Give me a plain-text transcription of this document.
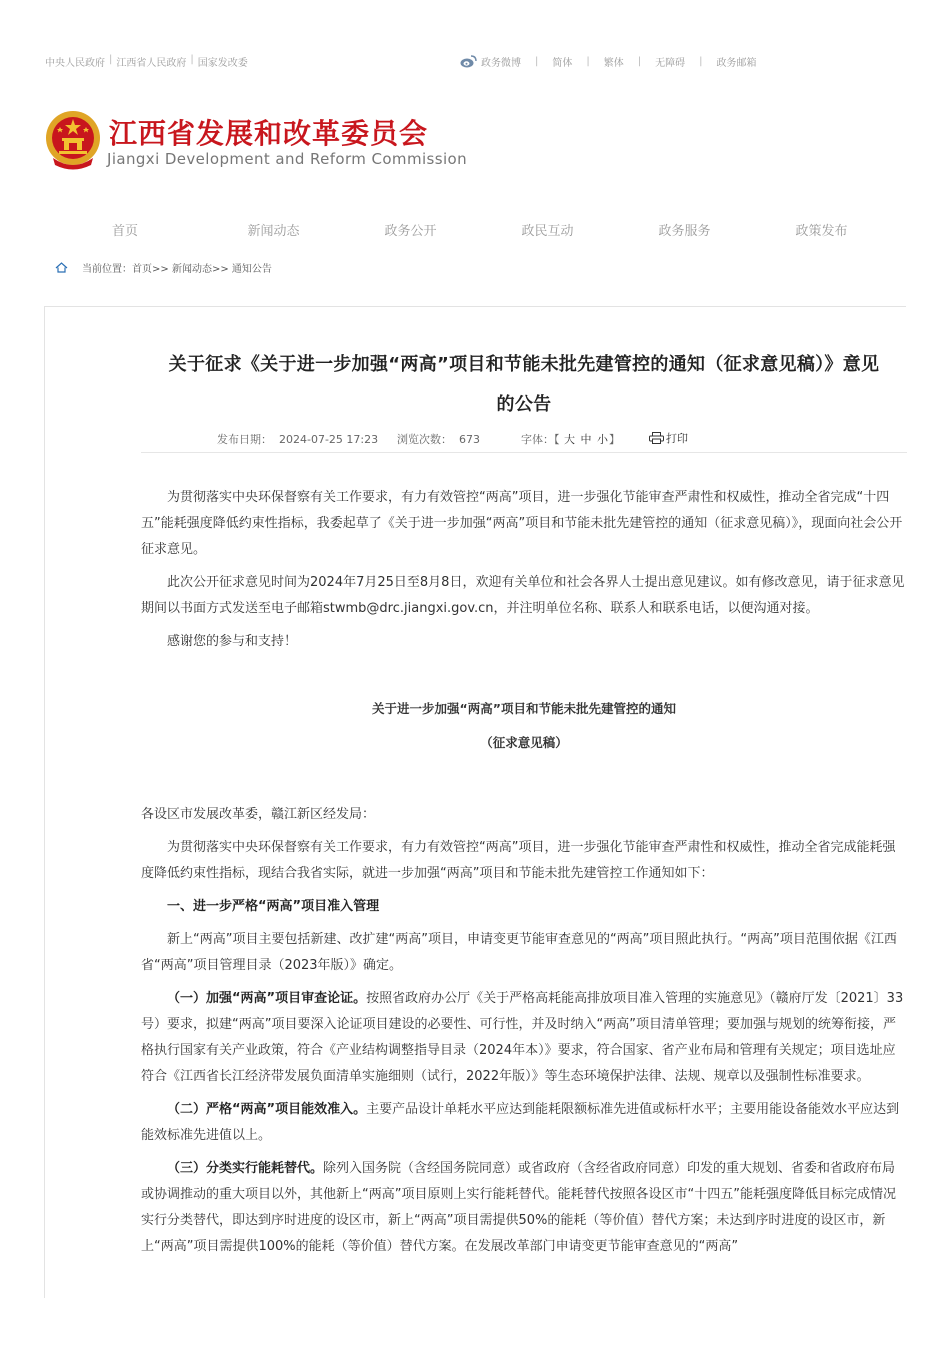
中央人民政府 | 江西省人民政府 | 国家发改委	政务微博 | 简体 | 繁体 | 无障碍 | 政务邮箱
江西省发展和改革委员会
Jiangxi Development and Reform Commission
首页	新闻动态	政务公开	政民互动	政务服务	政策发布
当前位置： 首页>> 新闻动态>> 通知公告
关于征求《关于进一步加强“两高”项目和节能未批先建管控的通知（征求意见稿）》意见
的公告
发布日期： 2024-07-25 17:23 浏览次数： 673	字体：【 大 中 小】	打印

为贯彻落实中央环保督察有关工作要求，有力有效管控“两高”项目，进一步强化节能审查严肃性和权威性，推动全省完成“十四五”能耗强度降低约束性指标，我委起草了《关于进一步加强“两高”项目和节能未批先建管控的通知（征求意见稿）》，现面向社会公开征求意见。

此次公开征求意见时间为2024年7月25日至8月8日，欢迎有关单位和社会各界人士提出意见建议。如有修改意见，请于征求意见期间以书面方式发送至电子邮箱stwmb@drc.jiangxi.gov.cn，并注明单位名称、联系人和联系电话，以便沟通对接。

感谢您的参与和支持！

关于进一步加强“两高”项目和节能未批先建管控的通知

（征求意见稿）

各设区市发展改革委，赣江新区经发局：

为贯彻落实中央环保督察有关工作要求，有力有效管控“两高”项目，进一步强化节能审查严肃性和权威性，推动全省完成能耗强度降低约束性指标，现结合我省实际，就进一步加强“两高”项目和节能未批先建管控工作通知如下：

一、进一步严格“两高”项目准入管理

新上“两高”项目主要包括新建、改扩建“两高”项目，申请变更节能审查意见的“两高”项目照此执行。“两高”项目范围依据《江西省“两高”项目管理目录（2023年版）》确定。

（一）加强“两高”项目审查论证。按照省政府办公厅《关于严格高耗能高排放项目准入管理的实施意见》（赣府厅发〔2021〕33号）要求，拟建“两高”项目要深入论证项目建设的必要性、可行性，并及时纳入“两高”项目清单管理；要加强与规划的统筹衔接，严格执行国家有关产业政策，符合《产业结构调整指导目录（2024年本）》要求，符合国家、省产业布局和管理有关规定；项目选址应符合《江西省长江经济带发展负面清单实施细则（试行，2022年版）》等生态环境保护法律、法规、规章以及强制性标准要求。

（二）严格“两高”项目能效准入。主要产品设计单耗水平应达到能耗限额标准先进值或标杆水平；主要用能设备能效水平应达到能效标准先进值以上。

（三）分类实行能耗替代。除列入国务院（含经国务院同意）或省政府（含经省政府同意）印发的重大规划、省委和省政府布局或协调推动的重大项目以外，其他新上“两高”项目原则上实行能耗替代。能耗替代按照各设区市“十四五”能耗强度降低目标完成情况实行分类替代，即达到序时进度的设区市，新上“两高”项目需提供50%的能耗（等价值）替代方案；未达到序时进度的设区市，新上“两高”项目需提供100%的能耗（等价值）替代方案。在发展改革部门申请变更节能审查意见的“两高”
